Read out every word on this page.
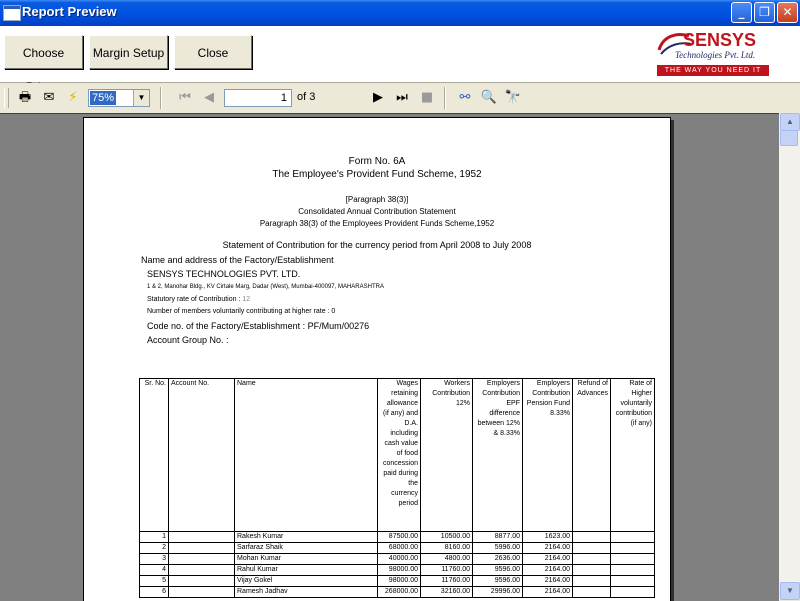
Report Preview	_	❐	✕
Choose	Margin Setup	Close
SENSYS
Technologies Pvt. Ltd.
THE WAY YOU NEED IT
🖶 ✉	⚡	75%	▼	⏮	◀	1 of 3	▶	⏭ ■ ⚯ 🔍 🔭
Form No. 6A
The Employee's Provident Fund Scheme, 1952
[Paragraph 38(3)]
Consolidated Annual Contribution Statement
Paragraph 38(3) of the Employees Provident Funds Scheme,1952
Statement of Contribution for the currency period from April 2008 to July 2008
Name and address of the Factory/Establishment
SENSYS TECHNOLOGIES PVT. LTD.
1 & 2, Manohar Bldg., KV Cirtale Marg, Dadar (West), Mumbai-400097, MAHARASHTRA
Statutory rate of Contribution : 12
Number of members voluntarily contributing at higher rate : 0
Code no. of the Factory/Establishment : PF/Mum/00276
Account Group No. :
Sr. No.	Account No.	Name	Wages retaining allowance (if any) and D.A. including cash value of food concession paid during the currency period	Workers Contribution 12%	Employers Contribution EPF difference between 12% & 8.33%	Employers Contribution Pension Fund 8.33%	Refund of Advances	Rate of Higher voluntarily contribution (if any)
1		Rakesh Kumar	87500.00	10500.00	8877.00	1623.00		
2		Sarfaraz Shaik	68000.00	8160.00	5996.00	2164.00		
3		Mohan Kumar	40000.00	4800.00	2636.00	2164.00		
4		Rahul Kumar	98000.00	11760.00	9596.00	2164.00		
5		Vijay Gokel	98000.00	11760.00	9596.00	2164.00		
6		Ramesh Jadhav	268000.00	32160.00	29996.00	2164.00		
▲
▼
